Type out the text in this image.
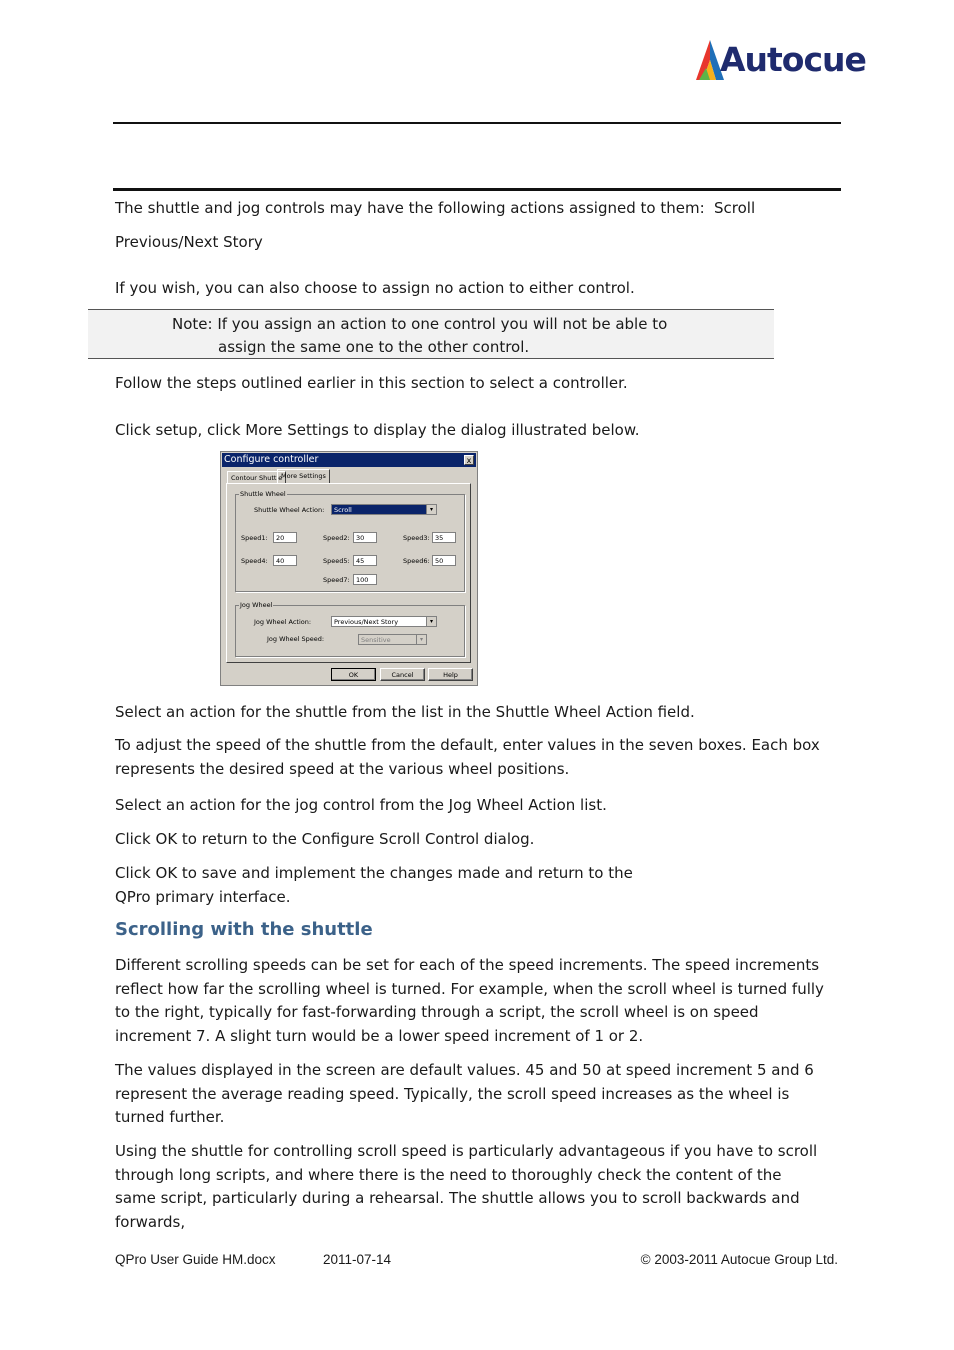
Autocue
The shuttle and jog controls may have the following actions assigned to them: Scroll
Previous/Next Story
If you wish, you can also choose to assign no action to either control.
Note: If you assign an action to one control you will not be able to
assign the same one to the other control.
Follow the steps outlined earlier in this section to select a controller.
Click setup, click More Settings to display the dialog illustrated below.
Configure controller	x
Contour Shuttle
More Settings
Shuttle Wheel
Shuttle Wheel Action:	Scroll	▾
Speed1:	20	Speed2: 30	Speed3: 35
Speed4:	40	Speed5: 45	Speed6: 50
Speed7: 100
Jog Wheel
Jog Wheel Action:	Previous/Next Story	▾
Jog Wheel Speed:	Sensitive	▾
OK	Cancel	Help
Select an action for the shuttle from the list in the Shuttle Wheel Action field.
To adjust the speed of the shuttle from the default, enter values in the seven boxes. Each box represents the desired speed at the various wheel positions.
Select an action for the jog control from the Jog Wheel Action list.
Click OK to return to the Configure Scroll Control dialog.
Click OK to save and implement the changes made and return to the
QPro primary interface.
Scrolling with the shuttle
Different scrolling speeds can be set for each of the speed increments. The speed increments reflect how far the scrolling wheel is turned. For example, when the scroll wheel is turned fully to the right, typically for fast-forwarding through a script, the scroll wheel is on speed increment 7. A slight turn would be a lower speed increment of 1 or 2.
The values displayed in the screen are default values. 45 and 50 at speed increment 5 and 6 represent the average reading speed. Typically, the scroll speed increases as the wheel is turned further.
Using the shuttle for controlling scroll speed is particularly advantageous if you have to scroll through long scripts, and where there is the need to thoroughly check the content of the same script, particularly during a rehearsal. The shuttle allows you to scroll backwards and forwards,
QPro User Guide HM.docx	2011-07-14	© 2003-2011 Autocue Group Ltd.
